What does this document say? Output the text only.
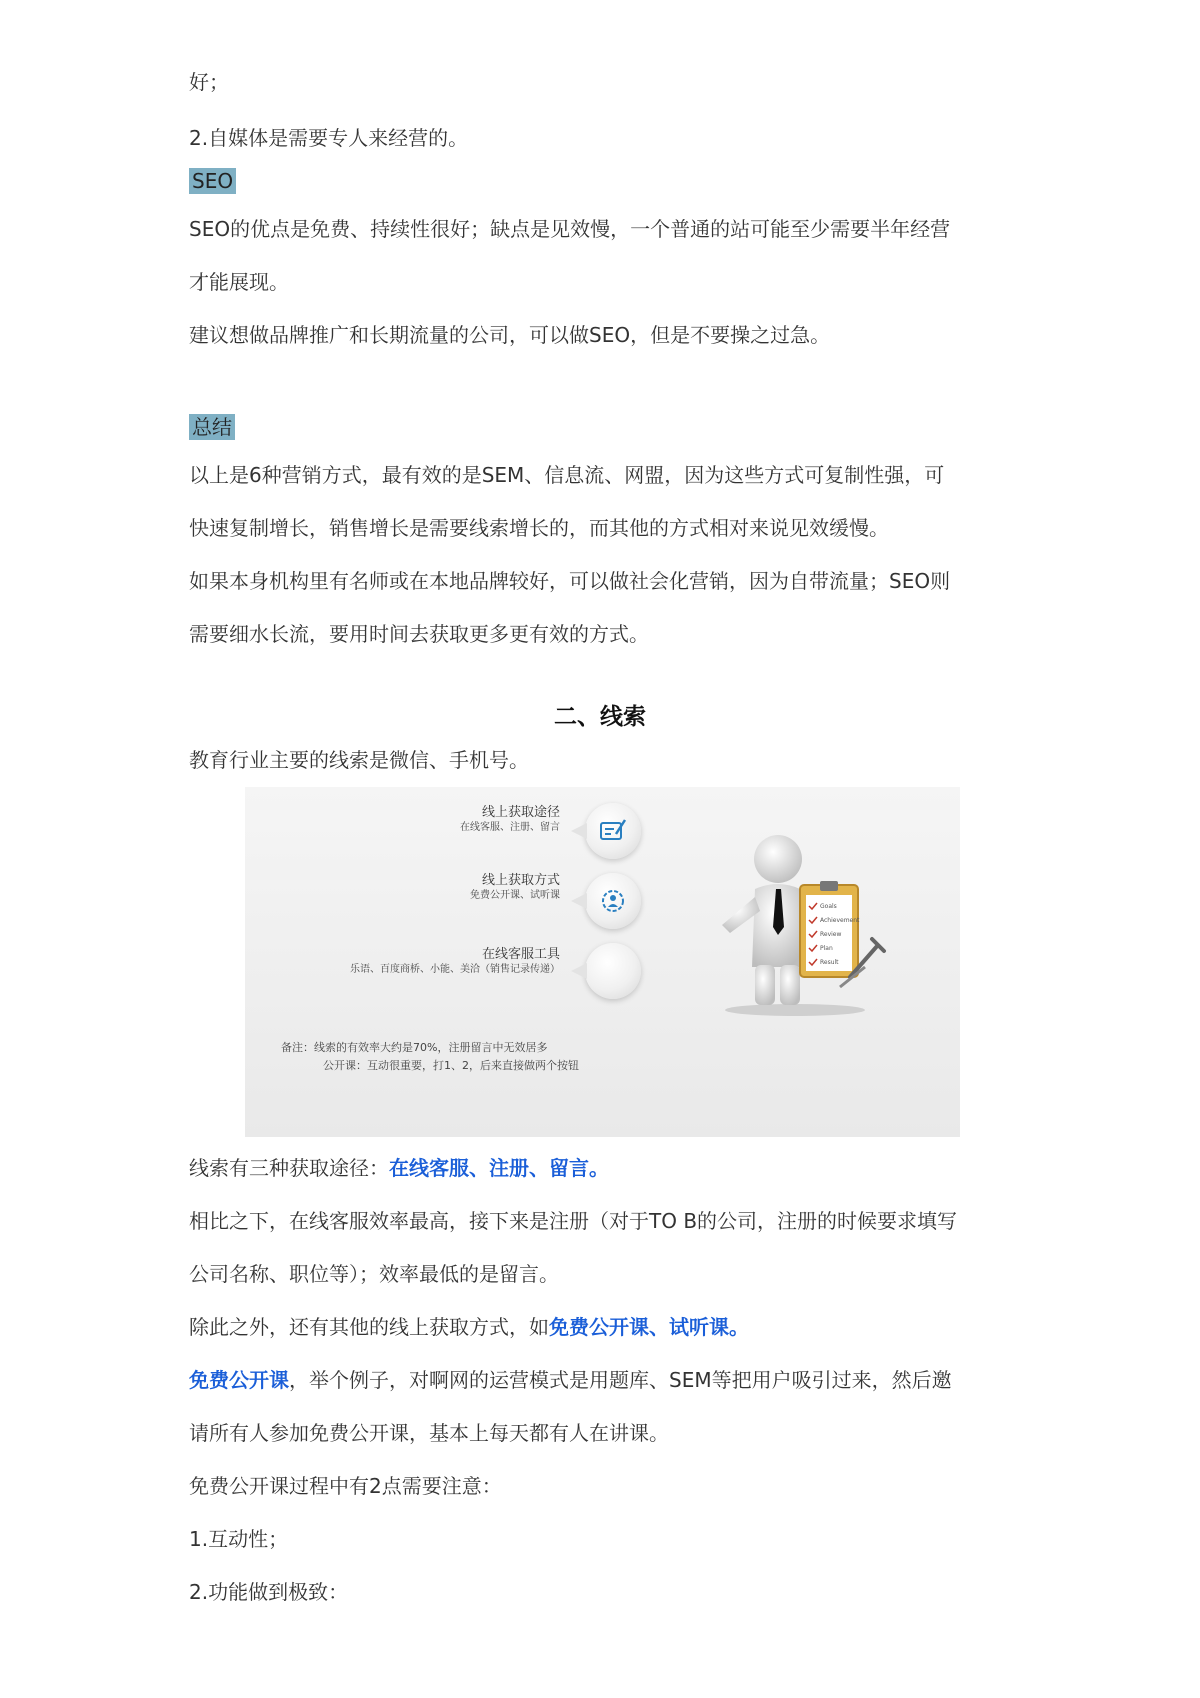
好；
2.自媒体是需要专人来经营的。
SEO
SEO的优点是免费、持续性很好；缺点是见效慢，一个普通的站可能至少需要半年经营
才能展现。
建议想做品牌推广和长期流量的公司，可以做SEO，但是不要操之过急。
总结
以上是6种营销方式，最有效的是SEM、信息流、网盟，因为这些方式可复制性强，可
快速复制增长，销售增长是需要线索增长的，而其他的方式相对来说见效缓慢。
如果本身机构里有名师或在本地品牌较好，可以做社会化营销，因为自带流量；SEO则
需要细水长流，要用时间去获取更多更有效的方式。
二、线索
教育行业主要的线索是微信、手机号。
线上获取途径
在线客服、注册、留言
线上获取方式
免费公开课、试听课
在线客服工具
乐语、百度商桥、小能、美洽（销售记录传递）
备注：线索的有效率大约是70%，注册留言中无效居多
公开课：互动很重要，打1、2，后来直接做两个按钮
Goals
Achievement
Review
Plan
Result
线索有三种获取途径：在线客服、注册、留言。
相比之下，在线客服效率最高，接下来是注册（对于TO B的公司，注册的时候要求填写
公司名称、职位等）；效率最低的是留言。
除此之外，还有其他的线上获取方式，如免费公开课、试听课。
免费公开课，举个例子，对啊网的运营模式是用题库、SEM等把用户吸引过来，然后邀
请所有人参加免费公开课，基本上每天都有人在讲课。
免费公开课过程中有2点需要注意：
1.互动性；
2.功能做到极致：
